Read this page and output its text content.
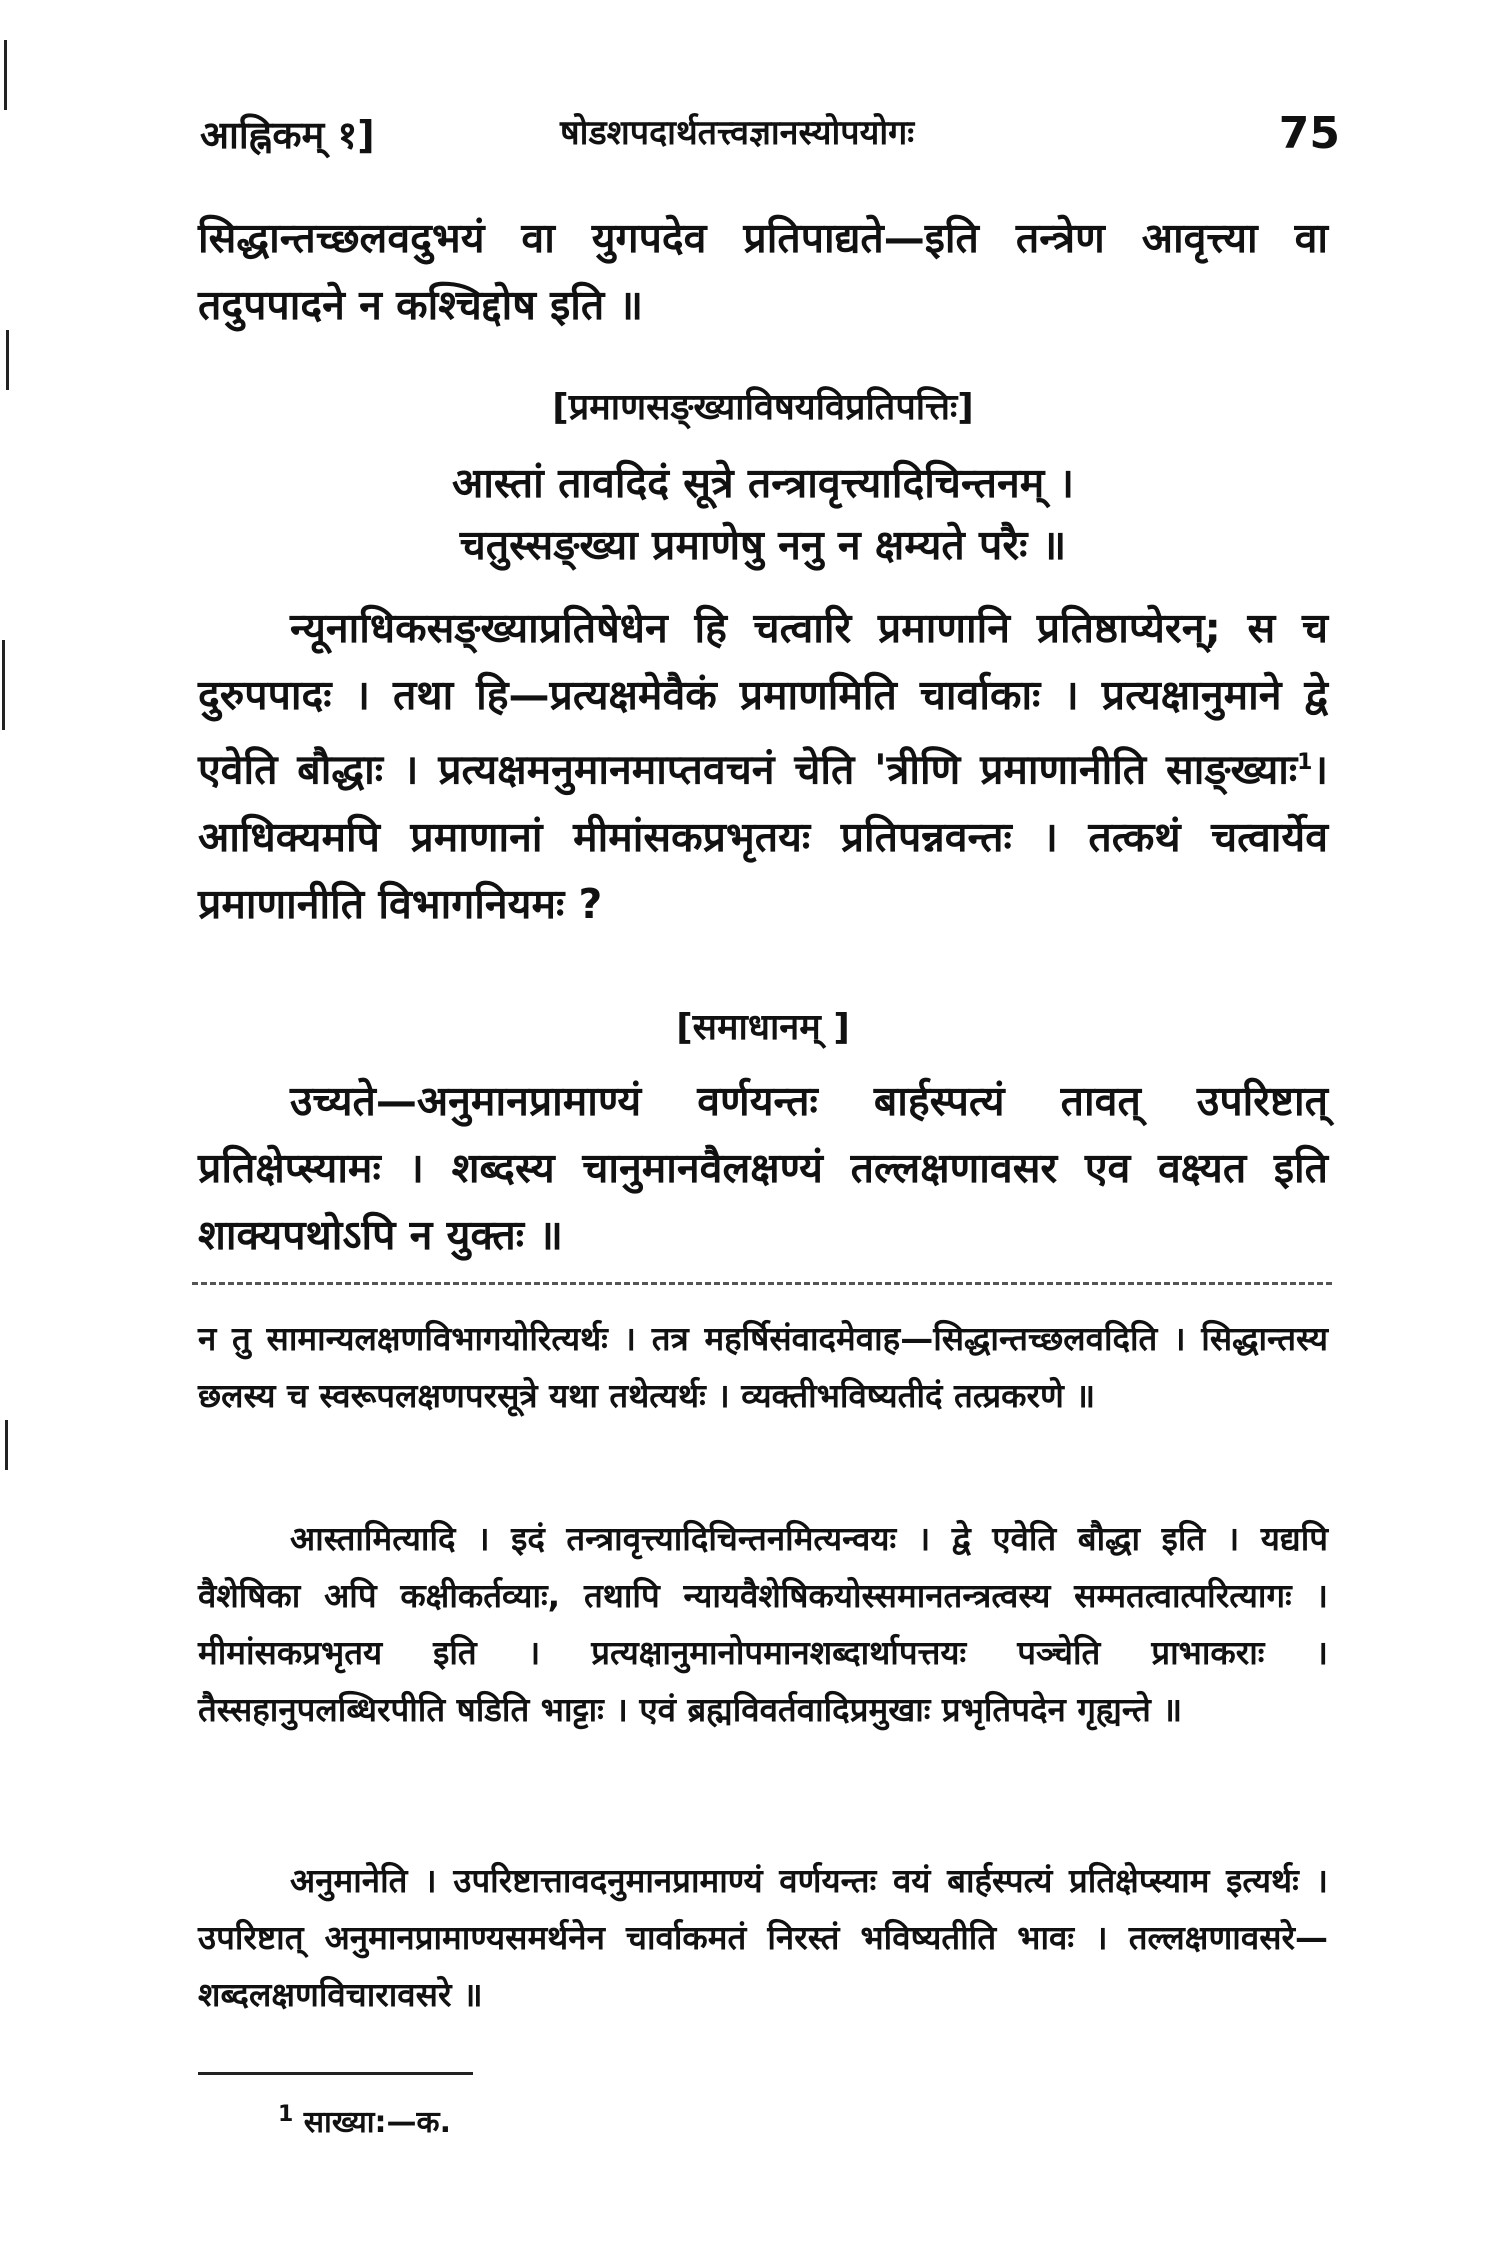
आह्निकम् १]	षोडशपदार्थतत्त्वज्ञानस्योपयोगः	75

सिद्धान्तच्छलवदुभयं वा युगपदेव प्रतिपाद्यते—इति तन्त्रेण आवृत्त्या वा तदुपपादने न कश्चिद्दोष इति ॥

[प्रमाणसङ्ख्याविषयविप्रतिपत्तिः]

आस्तां तावदिदं सूत्रे तन्त्रावृत्त्यादिचिन्तनम् ।

चतुस्सङ्ख्या प्रमाणेषु ननु न क्षम्यते परैः ॥

न्यूनाधिकसङ्ख्याप्रतिषेधेन हि चत्वारि प्रमाणानि प्रतिष्ठाप्येरन्; स च दुरुपपादः । तथा हि—प्रत्यक्षमेवैकं प्रमाणमिति चार्वाकाः । प्रत्यक्षानुमाने द्वे एवेति बौद्धाः । प्रत्यक्षमनुमानमाप्तवचनं चेति 'त्रीणि प्रमाणानीति साङ्ख्याः$^1$। आधिक्यमपि प्रमाणानां मीमांसकप्रभृतयः प्रतिपन्नवन्तः । तत्कथं चत्वार्येव प्रमाणानीति विभागनियमः ?

[समाधानम् ]

उच्यते—अनुमानप्रामाण्यं वर्णयन्तः बार्हस्पत्यं तावत् उपरिष्टात् प्रतिक्षेप्स्यामः । शब्दस्य चानुमानवैलक्षण्यं तल्लक्षणावसर एव वक्ष्यत इति शाक्यपथोऽपि न युक्तः ॥

न तु सामान्यलक्षणविभागयोरित्यर्थः । तत्र महर्षिसंवादमेवाह—सिद्धान्तच्छलवदिति । सिद्धान्तस्य छलस्य च स्वरूपलक्षणपरसूत्रे यथा तथेत्यर्थः । व्यक्तीभविष्यतीदं तत्प्रकरणे ॥

आस्तामित्यादि । इदं तन्त्रावृत्त्यादिचिन्तनमित्यन्वयः । द्वे एवेति बौद्धा इति । यद्यपि वैशेषिका अपि कक्षीकर्तव्याः, तथापि न्यायवैशेषिकयोस्समानतन्त्रत्वस्य सम्मतत्वात्परित्यागः । मीमांसकप्रभृतय इति । प्रत्यक्षानुमानोपमानशब्दार्थापत्तयः पञ्चेति प्राभाकराः । तैस्सहानुपलब्धिरपीति षडिति भाट्टाः । एवं ब्रह्मविवर्तवादिप्रमुखाः प्रभृतिपदेन गृह्यन्ते ॥

अनुमानेति । उपरिष्टात्तावदनुमानप्रामाण्यं वर्णयन्तः वयं बार्हस्पत्यं प्रतिक्षेप्स्याम इत्यर्थः । उपरिष्टात् अनुमानप्रामाण्यसमर्थनेन चार्वाकमतं निरस्तं भविष्यतीति भावः । तल्लक्षणावसरे—शब्दलक्षणविचारावसरे ॥

$^1$ साख्या:—क.
